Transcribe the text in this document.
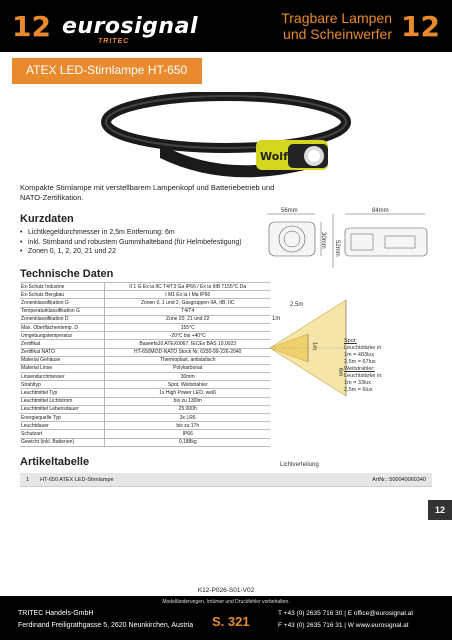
12 eurosignal
TRITEC
Tragbare Lampen
und Scheinwerfer 12
ATEX LED-Stirnlampe HT-650
Wolf
Kompakte Stirnlampe mit verstellbarem Lampenkopf und Batteriebetrieb und NATO-Zertifikation.
Kurzdaten
• Lichtkegeldurchmesser in 2,5m Entfernung: 6m
• inkl. Stirnband und robustem Gummihalteband (für Helmbefestigung)
• Zonen 0, 1, 2, 20, 21 und 22
Technische Daten
Ex-Schutz Industrie	II 1 G Ex ia IIC T4/T3 Ga IP66 / Ex ia IIIB T155°C Da
Ex-Schutz Bergbau	I M1 Ex ia I Ma IP66
Zonenklassifikation G	Zonen 0, 1 und 2, Gasgruppen IIA, IIB, IIC
Temperaturklassifikation G	T4/T4
Zonenklassifikation D	Zone 20, 21 und 22
Max. Oberflächentemp. D	155°C
Umgebungstemperatur	-20°C bis +40°C
Zertifikat	Baseefa10 ATEX0067, IECEx BAS 10.0023
Zertifikat NATO	HT-650MOD-NATO Stock Nr. 6230-99-226-2040
Material Gehäuse	Thermoplast, antistatisch
Material Linse	Polykarbonat
Linsendurchmesser	30mm
Strahltyp	Spot, Weitstrahler
Leuchtmittel Typ	1x High Power LED, weiß
Leuchtmittel Lichtstrom	bis zu 130lm
Leuchtmittel Lebensdauer	25.000h
Energiequelle Typ	3x LR6
Leuchtdauer	bis zu 17h
Schutzart	IP66
Gewicht (inkl. Batterien)	0,188kg
56mm	84mm
30mm 52mm
2,5m
1m
1m
6m
Spot:
Leuchtstärke in:
1m = 483lux
2,5m = 67lux
Weitstrahler:
Leuchtstärke in:
1m = 33lux
2,5m = 6lux
Lichtverteilung
Artikeltabelle
1 HT-650 ATEX LED-Stirnlampe	ArtNr.: 500040060340
12
K12-P026-S01-V02
Modelländerungen, Irrtümer und Druckfehler vorbehalten.
TRITEC Handels-GmbH
Ferdinand Freiligrathgasse 5, 2620 Neunkirchen, Austria S. 321
T +43 (0) 2635 716 30 | E office@eurosignal.at
F +43 (0) 2635 716 31 | W www.eurosignal.at
